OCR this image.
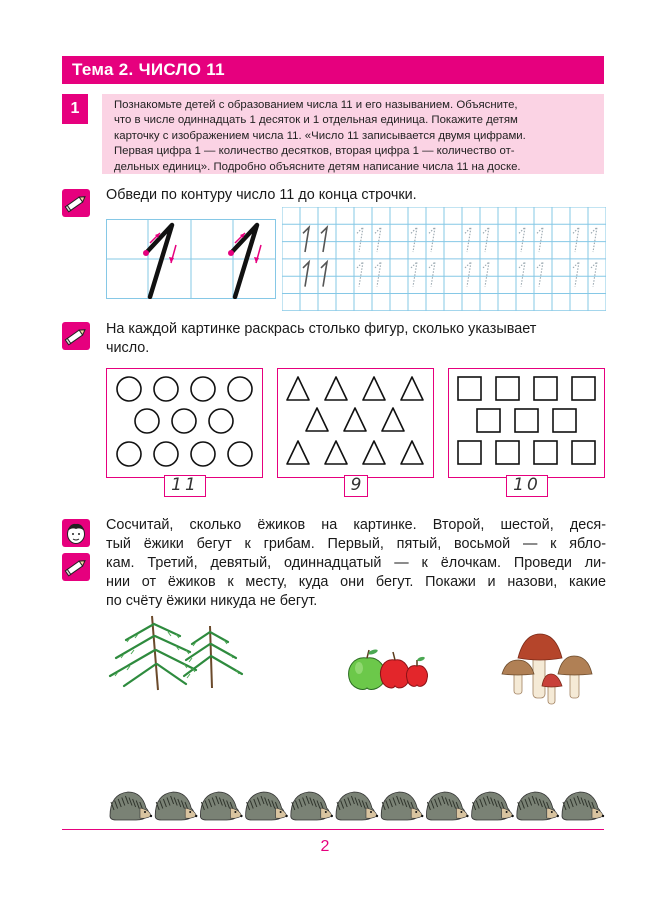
Тема 2. ЧИСЛО 11
1	Познакомьте детей с образованием числа 11 и его называнием. Объясните,

что в числе одиннадцать 1 десяток и 1 отдельная единица. Покажите детям

карточку с изображением числа 11. «Число 11 записывается двумя цифрами.

Первая цифра 1 — количество десятков, вторая цифра 1 — количество от-

дельных единиц». Подробно объясните детям написание числа 11 на доске.

Обведи по контуру число 11 до конца строчки.
На каждой картинке раскрась столько фигур, сколько указывает
число.
11	9	10
Сосчитай, сколько ёжиков на картинке. Второй, шестой, деся-
тый ёжики бегут к грибам. Первый, пятый, восьмой — к ябло-
кам. Третий, девятый, одиннадцатый — к ёлочкам. Проведи ли-
нии от ёжиков к месту, куда они бегут. Покажи и назови, какие
по счёту ёжики никуда не бегут.
2
